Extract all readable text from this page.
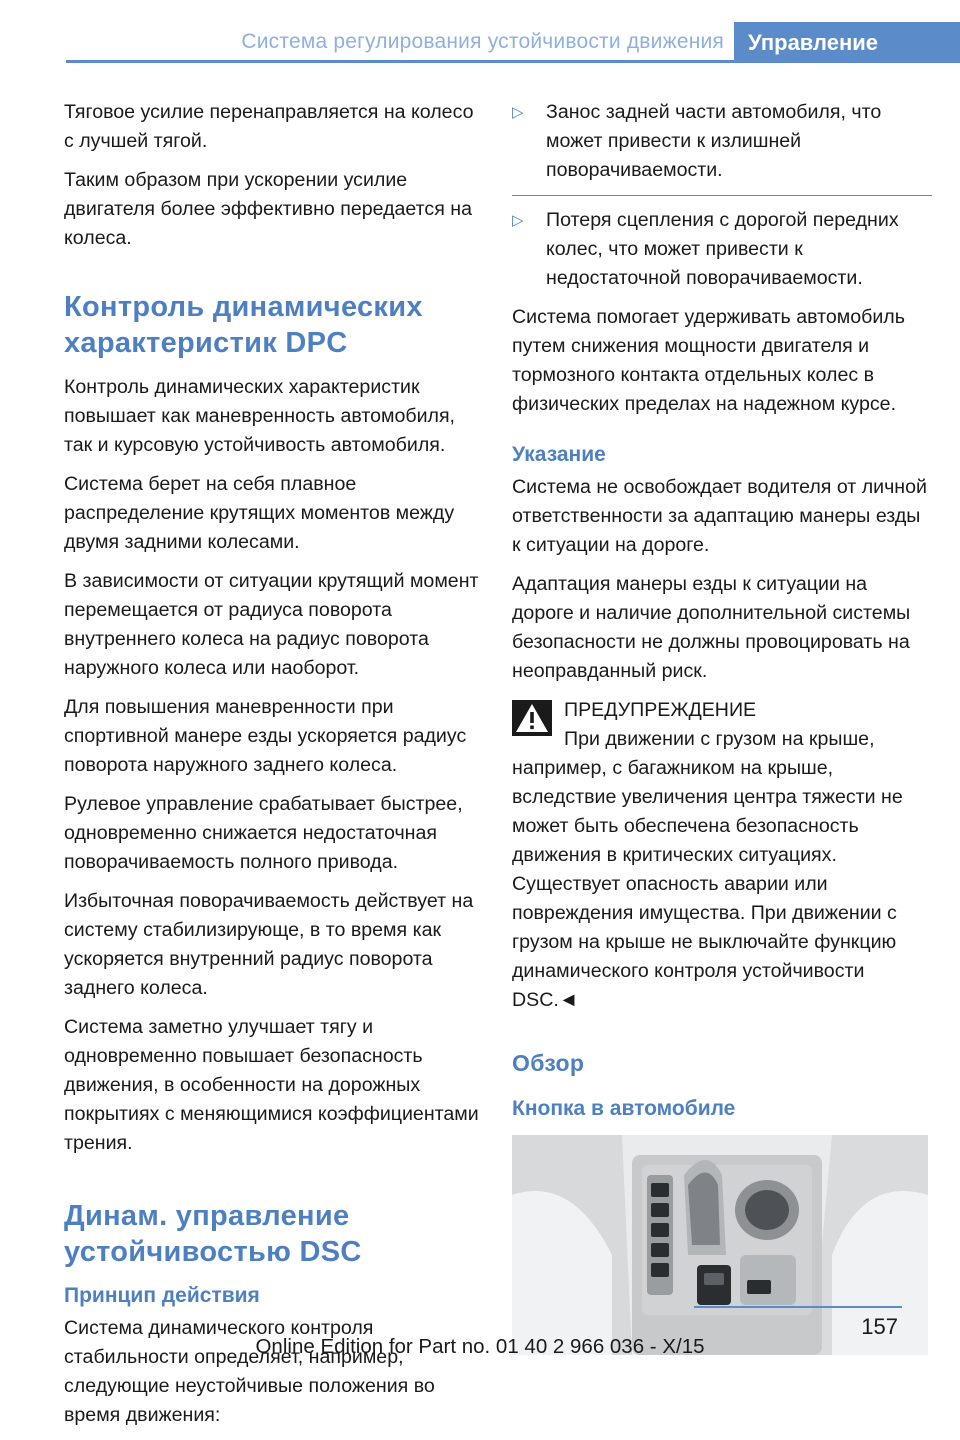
Система регулирования устойчивости движения	Управление

Тяговое усилие перенаправляется на колесо с лучшей тягой.

Таким образом при ускорении усилие двигателя более эффективно передается на колеса.

Контроль динамических характеристик DPC

Контроль динамических характеристик повышает как маневренность автомобиля, так и курсовую устойчивость автомобиля.

Система берет на себя плавное распределение крутящих моментов между двумя задними колесами.

В зависимости от ситуации крутящий момент перемещается от радиуса поворота внутреннего колеса на радиус поворота наружного колеса или наоборот.

Для повышения маневренности при спортивной манере езды ускоряется радиус поворота наружного заднего колеса.

Рулевое управление срабатывает быстрее, одновременно снижается недостаточная поворачиваемость полного привода.

Избыточная поворачиваемость действует на систему стабилизирующе, в то время как ускоряется внутренний радиус поворота заднего колеса.

Система заметно улучшает тягу и одновременно повышает безопасность движения, в особенности на дорожных покрытиях с меняющимися коэффициентами трения.

Динам. управление устойчивостью DSC
Принцип действия

Система динамического контроля стабильности определяет, например, следующие неустойчивые положения во время движения:

▷	Занос задней части автомобиля, что может привести к излишней поворачиваемости.

▷	Потеря сцепления с дорогой передних колес, что может привести к недостаточной поворачиваемости.

Система помогает удерживать автомобиль путем снижения мощности двигателя и тормозного контакта отдельных колес в физических пределах на надежном курсе.

Указание

Система не освобождает водителя от личной ответственности за адаптацию манеры езды к ситуации на дороге.

Адаптация манеры езды к ситуации на дороге и наличие дополнительной системы безопасности не должны провоцировать на неоправданный риск.

ПРЕДУПРЕЖДЕНИЕ

При движении с грузом на крыше, например, с багажником на крыше, вследствие увеличения центра тяжести не может быть обеспечена безопасность движения в критических ситуациях. Существует опасность аварии или повреждения имущества. При движении с грузом на крыше не выключайте функцию динамического контроля устойчивости DSC.◄

Обзор
Кнопка в автомобиле
157
Online Edition for Part no. 01 40 2 966 036 - X/15
